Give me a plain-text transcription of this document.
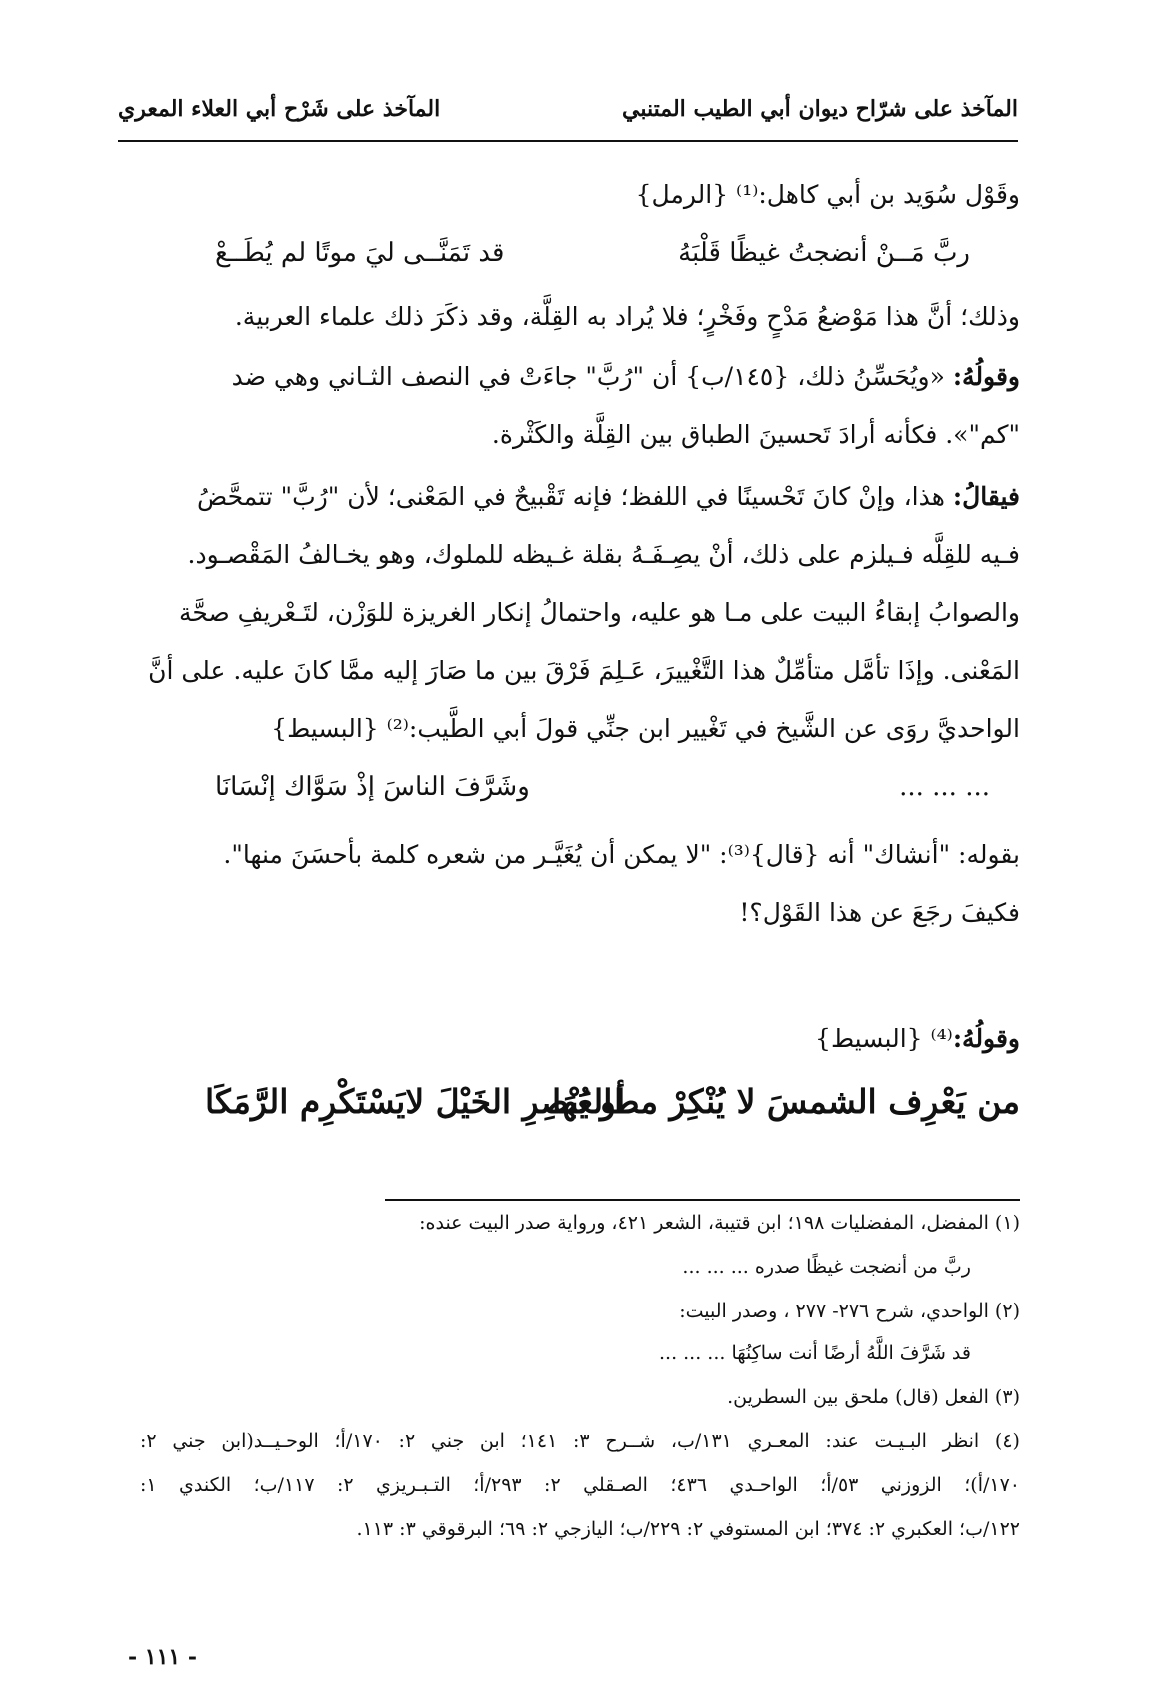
المآخذ على شرّاح ديوان أبي الطيب المتنبي
المآخذ على شَرْح أبي العلاء المعري
وقَوْل سُوَيد بن أبي كاهل:⁽¹⁾ {الرمل}
ربَّ مَــنْ أنضجتُ غيظًا قَلْبَهُ
قد تَمَنَّــى ليَ موتًا لم يُطَــعْ
وذلك؛ أنَّ هذا مَوْضعُ مَدْحٍ وفَخْرٍ؛ فلا يُراد به القِلَّة، وقد ذكَرَ ذلك علماء العربية.
وقولُهُ: «ويُحَسِّنُ ذلك، {١٤٥/ب} أن "رُبَّ" جاءَتْ في النصف الثـاني وهي ضد
"كم"». فكأنه أرادَ تَحسينَ الطباق بين القِلَّة والكَثْرة.
فيقالُ: هذا، وإنْ كانَ تَحْسينًا في اللفظ؛ فإنه تَقْبيحٌ في المَعْنى؛ لأن "رُبَّ" تتمحَّضُ
فـيه للقِلَّه فـيلزم على ذلك، أنْ يصِـفَـهُ بقلة غـيظه للملوك، وهو يخـالفُ المَقْصـود.
والصوابُ إبقاءُ البيت على مـا هو عليه، واحتمالُ إنكار الغريزة للوَزْن، لتَـعْريفِ صحَّة
المَعْنى. وإذَا تأمَّل متأمِّلٌ هذا التَّغْييرَ، عَـلِمَ فَرْقَ بين ما صَارَ إليه ممَّا كانَ عليه. على أنَّ
الواحديَّ روَى عن الشَّيخ في تَغْيير ابن جنِّي قولَ أبي الطَّيب:⁽²⁾ {البسيط}
... ... ...
وشَرَّفَ الناسَ إذْ سَوَّاك إنْسَانَا
بقوله: "أنشاك" أنه {قال}⁽³⁾: "لا يمكن أن يُغَيَّـر من شعره كلمة بأحسَنَ منها".
فكيفَ رجَعَ عن هذا القَوْل؟!
وقولُهُ:⁽⁴⁾ {البسيط}
من يَعْرِف الشمسَ لا يُنْكِرْ مطالعَهَا
أو يُبْصِرِ الخَيْلَ لايَسْتَكْرِم الرَّمَكَا
(١) المفضل، المفضليات ١٩٨؛ ابن قتيبة، الشعر ٤٢١، ورواية صدر البيت عنده:
ربَّ من أنضجت غيظًا صدره ... ... ...
(٢) الواحدي، شرح ٢٧٦- ٢٧٧ ، وصدر البيت:
قد شَرَّفَ اللَّهُ أرضًا أنت ساكِنُهَا ... ... ...
(٣) الفعل (قال) ملحق بين السطرين.
(٤) انظر البـيـت عند: المعـري ١٣١/ب، شــرح ٣: ١٤١؛ ابن جني ٢: ١٧٠/أ؛ الوحـيــد(ابن جني ٢:
١٧٠/أ)؛ الزوزني ٥٣/أ؛ الواحـدي ٤٣٦؛ الصـقلي ٢: ٢٩٣/أ؛ التـبـريزي ٢: ١١٧/ب؛ الكندي ١:
١٢٢/ب؛ العكبري ٢: ٣٧٤؛ ابن المستوفي ٢: ٢٢٩/ب؛ اليازجي ٢: ٦٩؛ البرقوقي ٣: ١١٣.
- ١١١ -
